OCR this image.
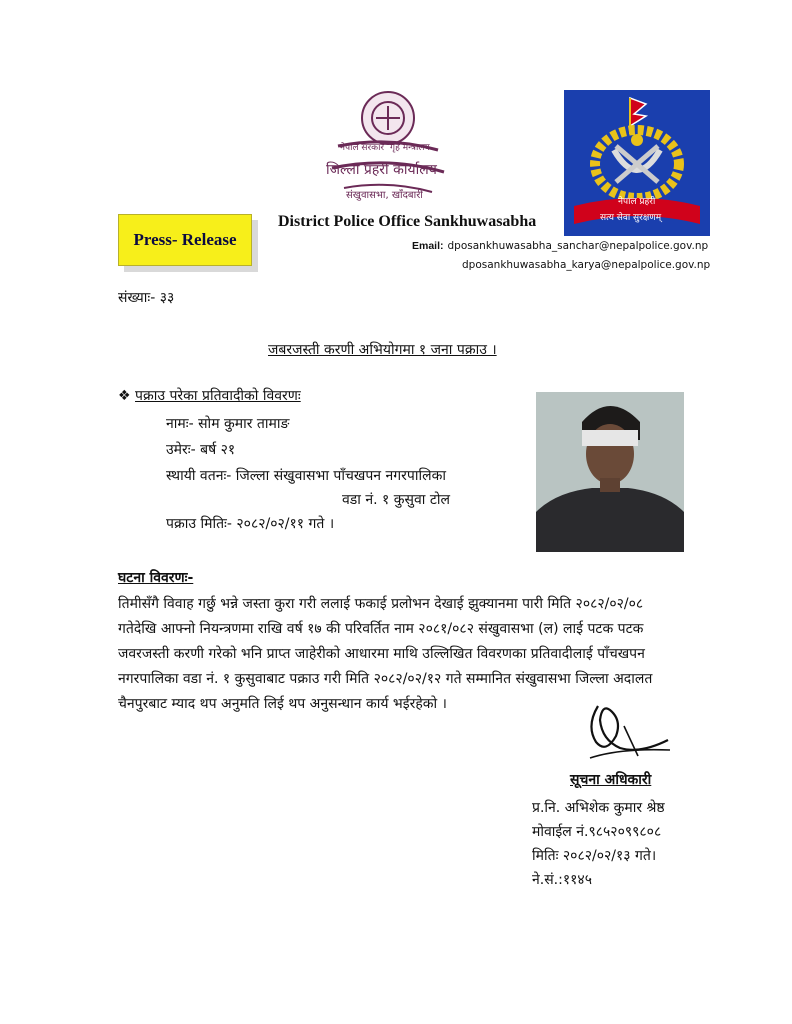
नेपाल सरकार गृह मन्त्रालय
जिल्ला प्रहरी कार्यालय
संखुवासभा, खाँदबारी
नेपाल प्रहरी
सत्य सेवा सुरक्षणम्
Press- Release
District Police Office Sankhuwasabha
Email: dposankhuwasabha_sanchar@nepalpolice.gov.np
dposankhuwasabha_karya@nepalpolice.gov.np
संख्याः- ३३
जबरजस्ती करणी अभियोगमा १ जना पक्राउ ।
❖ पक्राउ परेका प्रतिवादीको विवरणः
नामः- सोम कुमार तामाङ
उमेरः- बर्ष २१
स्थायी वतनः- जिल्ला संखुवासभा पाँचखपन नगरपालिका
वडा नं. १ कुसुवा टोल
पक्राउ मितिः- २०८२/०२/११ गते ।
घटना विवरणः-
तिमीसँगै विवाह गर्छु भन्ने जस्ता कुरा गरी ललाई फकाई प्रलोभन देखाई झुक्यानमा पारी मिति २०८२/०२/०८
गतेदेखि आफ्नो नियन्त्रणमा राखि वर्ष १७ की परिवर्तित नाम २०८१/०८२ संखुवासभा (ल) लाई पटक पटक
जवरजस्ती करणी गरेको भनि प्राप्त जाहेरीको आधारमा माथि उल्लिखित विवरणका प्रतिवादीलाई पाँचखपन
नगरपालिका वडा नं. १ कुसुवाबाट पक्राउ गरी मिति २०८२/०२/१२ गते सम्मानित संखुवासभा जिल्ला अदालत
चैनपुरबाट म्याद थप अनुमति लिई थप अनुसन्धान कार्य भईरहेको ।
सूचना अधिकारी
प्र.नि. अभिशेक कुमार श्रेष्ठ
मोवाईल नं.९८५२०९९८०८
मितिः २०८२/०२/१३ गते।
ने.सं.:११४५
